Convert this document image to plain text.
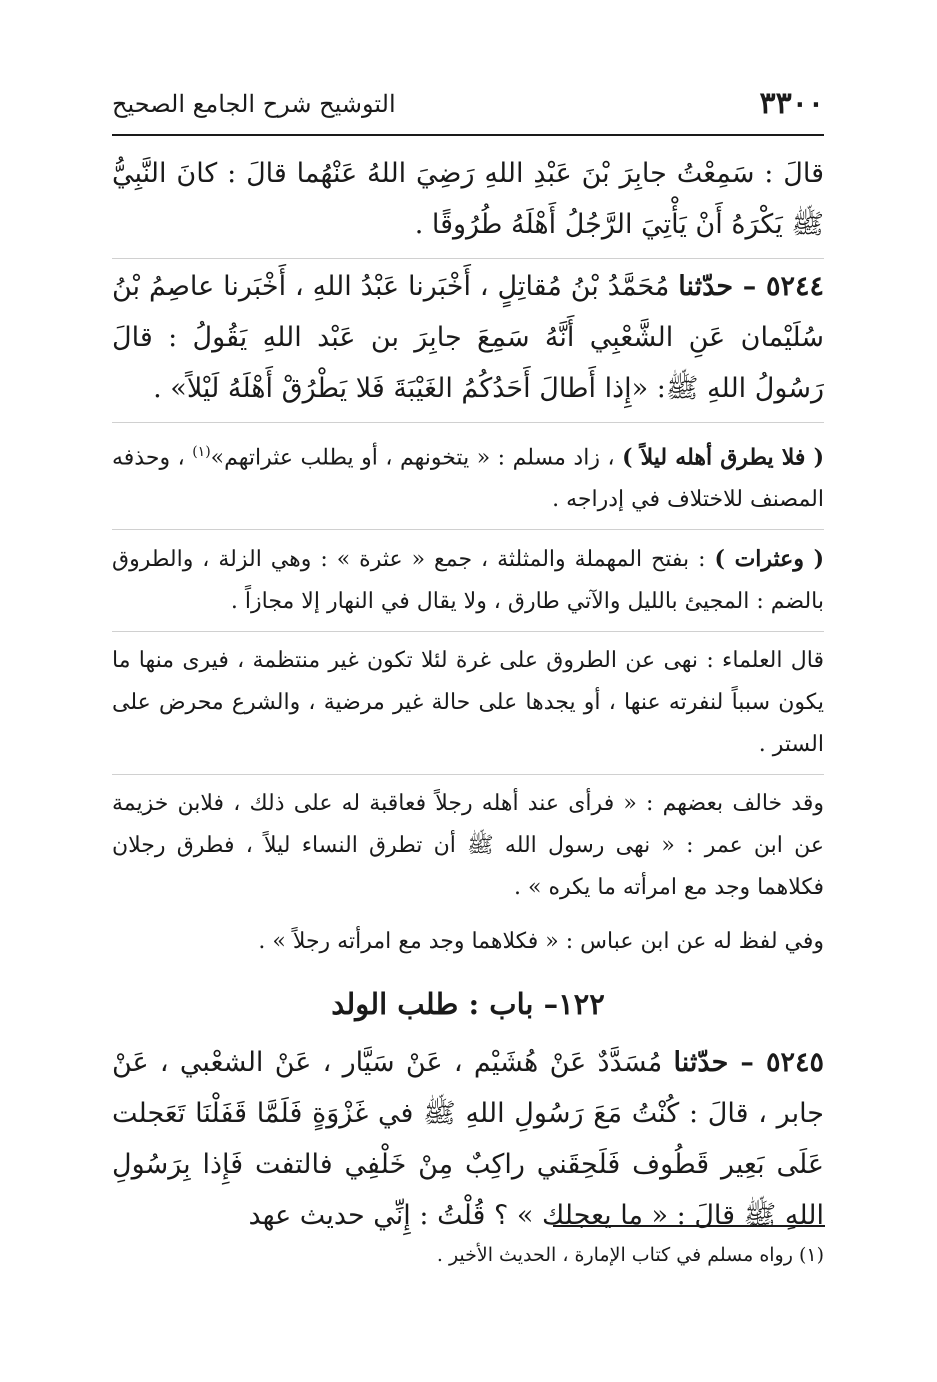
٣٣٠٠
التوشيح شرح الجامع الصحيح

قالَ : سَمِعْتُ جابِرَ بْنَ عَبْدِ اللهِ رَضِيَ اللهُ عَنْهُما قالَ : كانَ النَّبِيُّ ﷺ يَكْرَهُ أَنْ يَأْتِيَ الرَّجُلُ أَهْلَهُ طُرُوقًا .

٥٢٤٤ – حدّثنا مُحَمَّدُ بْنُ مُقاتِلٍ ، أَخْبَرنا عَبْدُ اللهِ ، أَخْبَرنا عاصِمُ بْنُ سُلَيْمان عَنِ الشَّعْبِي أَنَّهُ سَمِعَ جابِرَ بن عَبْد اللهِ يَقُولُ : قالَ رَسُولُ اللهِ ﷺ: «إِذا أَطالَ أَحَدُكُمُ الغَيْبَةَ فَلا يَطْرُقْ أَهْلَهُ لَيْلاً» .

( فلا يطرق أهله ليلاً ) ، زاد مسلم : « يتخونهم ، أو يطلب عثراتهم»$^{(١)}$ ، وحذفه المصنف للاختلاف في إدراجه .

( وعثرات ) : بفتح المهملة والمثلثة ، جمع « عثرة » : وهي الزلة ، والطروق بالضم : المجيئ بالليل والآتي طارق ، ولا يقال في النهار إلا مجازاً .

قال العلماء : نهى عن الطروق على غرة لئلا تكون غير منتظمة ، فيرى منها ما يكون سبباً لنفرته عنها ، أو يجدها على حالة غير مرضية ، والشرع محرض على الستر .

وقد خالف بعضهم : « فرأى عند أهله رجلاً فعاقبة له على ذلك ، فلابن خزيمة عن ابن عمر : « نهى رسول الله ﷺ أن تطرق النساء ليلاً ، فطرق رجلان فكلاهما وجد مع امرأته ما يكره » .

وفي لفظ له عن ابن عباس : « فكلاهما وجد مع امرأته رجلاً » .

١٢٢– باب : طلب الولد

٥٢٤٥ – حدّثنا مُسَدَّدٌ عَنْ هُشَيْم ، عَنْ سَيَّار ، عَنْ الشعْبي ، عَنْ جابر ، قالَ : كُنْتُ مَعَ رَسُولِ اللهِ ﷺ في غَزْوَةٍ فَلَمَّا قَفَلْنَا تَعَجلت عَلَى بَعِير قَطُوف فَلَحِقَني راكِبٌ مِنْ خَلْفِي فالتفت فَإِذا بِرَسُولِ اللهِ ﷺ قالَ : « ما يعجلك » ؟ قُلْتُ : إِنِّي حديث عهد

(١) رواه مسلم في كتاب الإمارة ، الحديث الأخير .
